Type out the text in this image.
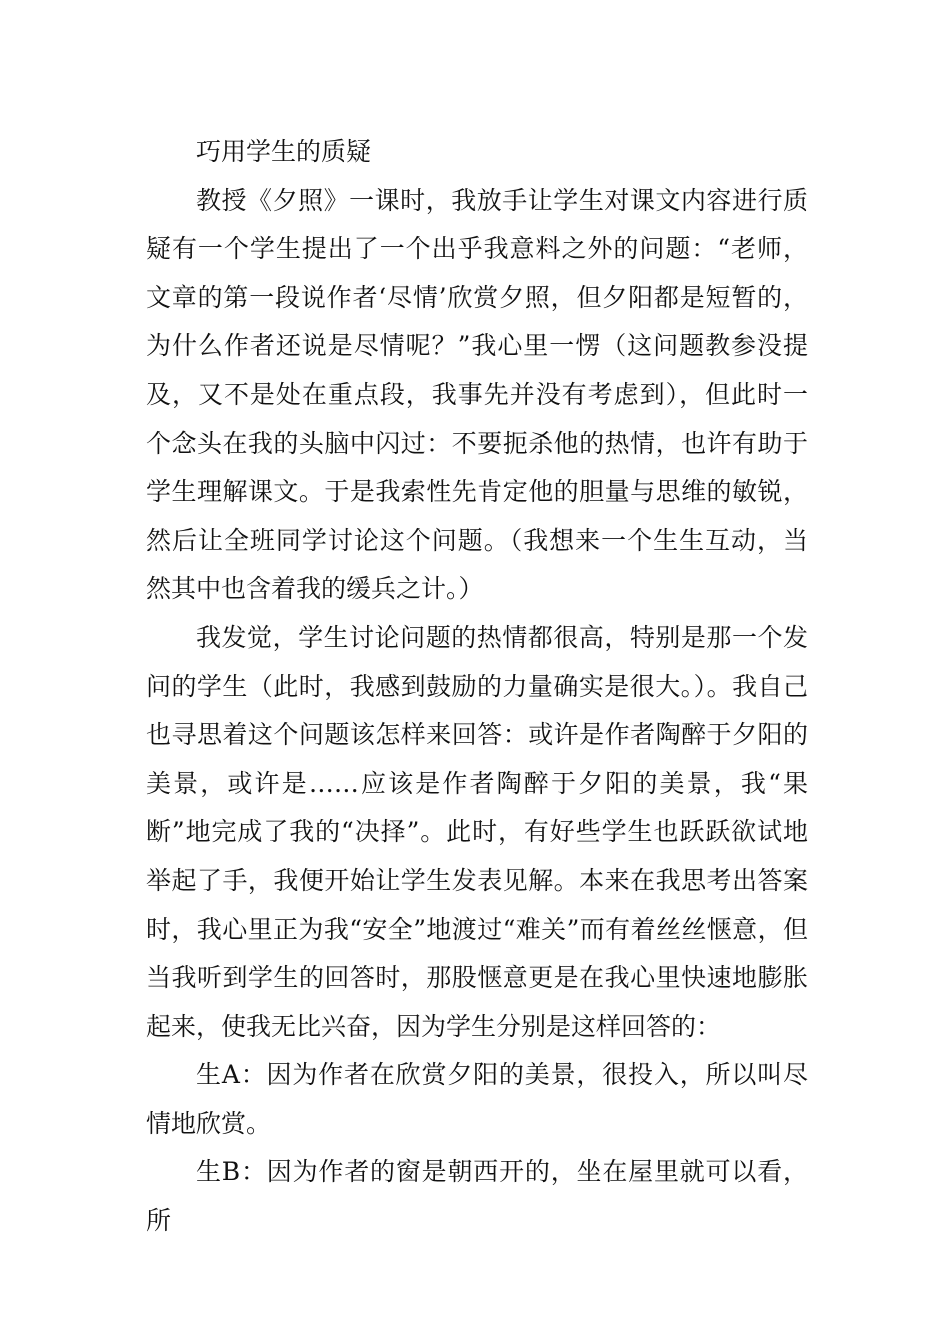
巧用学生的质疑

教授《夕照》一课时，我放手让学生对课文内容进行质疑有一个学生提出了一个出乎我意料之外的问题：“老师，文章的第一段说作者‘尽情’欣赏夕照，但夕阳都是短暂的，为什么作者还说是尽情呢？”我心里一愣（这问题教参没提及，又不是处在重点段，我事先并没有考虑到），但此时一个念头在我的头脑中闪过：不要扼杀他的热情，也许有助于学生理解课文。于是我索性先肯定他的胆量与思维的敏锐，然后让全班同学讨论这个问题。（我想来一个生生互动，当然其中也含着我的缓兵之计。）

我发觉，学生讨论问题的热情都很高，特别是那一个发问的学生（此时，我感到鼓励的力量确实是很大。）。我自己也寻思着这个问题该怎样来回答：或许是作者陶醉于夕阳的美景，或许是……应该是作者陶醉于夕阳的美景，我“果断”地完成了我的“决择”。此时，有好些学生也跃跃欲试地举起了手，我便开始让学生发表见解。本来在我思考出答案时，我心里正为我“安全”地渡过“难关”而有着丝丝惬意，但当我听到学生的回答时，那股惬意更是在我心里快速地膨胀起来，使我无比兴奋，因为学生分别是这样回答的：

生A：因为作者在欣赏夕阳的美景，很投入，所以叫尽情地欣赏。

生B：因为作者的窗是朝西开的，坐在屋里就可以看，所
